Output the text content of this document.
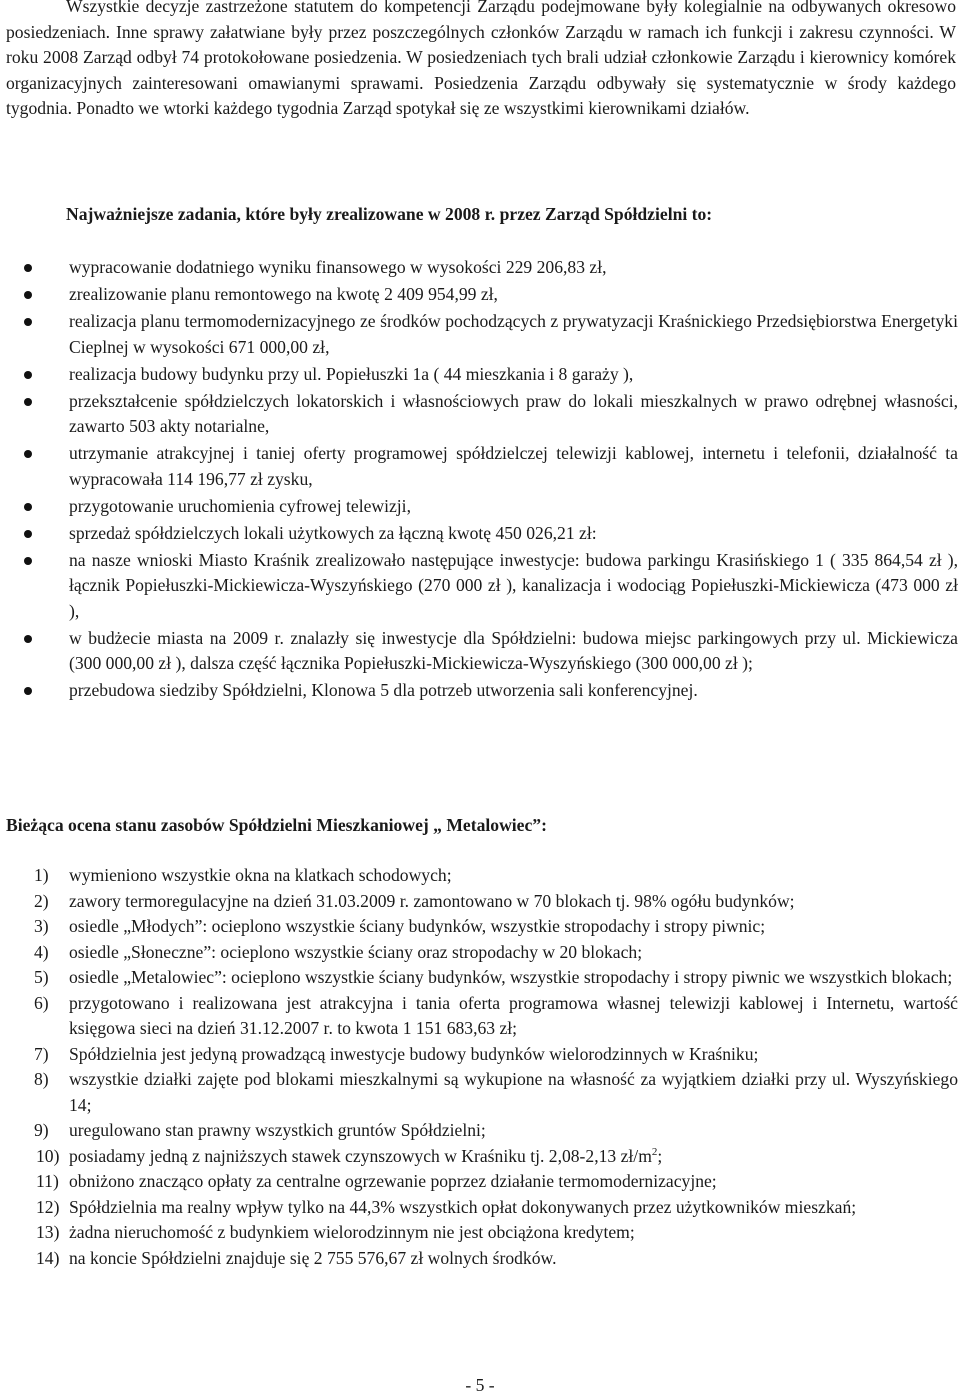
Wszystkie decyzje zastrzeżone statutem do kompetencji Zarządu podejmowane były kolegialnie na odbywanych okresowo posiedzeniach. Inne sprawy załatwiane były przez poszczególnych członków Zarządu w ramach ich funkcji i zakresu czynności. W roku 2008 Zarząd odbył 74 protokołowane posiedzenia. W posiedzeniach tych brali udział członkowie Zarządu i kierownicy komórek organizacyjnych zainteresowani omawianymi sprawami. Posiedzenia Zarządu odbywały się systematycznie w środy każdego tygodnia. Ponadto we wtorki każdego tygodnia Zarząd spotykał się ze wszystkimi kierownikami działów.

Najważniejsze zadania, które były zrealizowane w 2008 r. przez Zarząd Spółdzielni to:
wypracowanie dodatniego wyniku finansowego w wysokości 229 206,83 zł,
zrealizowanie planu remontowego na kwotę 2 409 954,99 zł,
realizacja planu termomodernizacyjnego ze środków pochodzących z prywatyzacji Kraśnickiego Przedsiębiorstwa Energetyki Cieplnej w wysokości 671 000,00 zł,
realizacja budowy budynku przy ul. Popiełuszki 1a ( 44 mieszkania i 8 garaży ),
przekształcenie spółdzielczych lokatorskich i własnościowych praw do lokali mieszkalnych w prawo odrębnej własności, zawarto 503 akty notarialne,
utrzymanie atrakcyjnej i taniej oferty programowej spółdzielczej telewizji kablowej, internetu i telefonii, działalność ta wypracowała 114 196,77 zł zysku,
przygotowanie uruchomienia cyfrowej telewizji,
sprzedaż spółdzielczych lokali użytkowych za łączną kwotę 450 026,21 zł:
na nasze wnioski Miasto Kraśnik zrealizowało następujące inwestycje: budowa parkingu Krasińskiego 1 ( 335 864,54 zł ), łącznik Popiełuszki-Mickiewicza-Wyszyńskiego (270 000 zł ), kanalizacja i wodociąg Popiełuszki-Mickiewicza (473 000 zł ),
w budżecie miasta na 2009 r. znalazły się inwestycje dla Spółdzielni: budowa miejsc parkingowych przy ul. Mickiewicza (300 000,00 zł ), dalsza część łącznika Popiełuszki-Mickiewicza-Wyszyńskiego (300 000,00 zł );
przebudowa siedziby Spółdzielni, Klonowa 5 dla potrzeb utworzenia sali konferencyjnej.
Bieżąca ocena stanu zasobów Spółdzielni Mieszkaniowej „ Metalowiec”:
1) wymieniono wszystkie okna na klatkach schodowych;
2) zawory termoregulacyjne na dzień 31.03.2009 r. zamontowano w 70 blokach tj. 98% ogółu budynków;
3) osiedle „Młodych”: ocieplono wszystkie ściany budynków, wszystkie stropodachy i stropy piwnic;
4) osiedle „Słoneczne”: ocieplono wszystkie ściany oraz stropodachy w 20 blokach;
5) osiedle „Metalowiec”: ocieplono wszystkie ściany budynków, wszystkie stropodachy i stropy piwnic we wszystkich blokach;
6) przygotowano i realizowana jest atrakcyjna i tania oferta programowa własnej telewizji kablowej i Internetu, wartość księgowa sieci na dzień 31.12.2007 r. to kwota 1 151 683,63 zł;
7) Spółdzielnia jest jedyną prowadzącą inwestycje budowy budynków wielorodzinnych w Kraśniku;
8) wszystkie działki zajęte pod blokami mieszkalnymi są wykupione na własność za wyjątkiem działki przy ul. Wyszyńskiego 14;
9) uregulowano stan prawny wszystkich gruntów Spółdzielni;
10) posiadamy jedną z najniższych stawek czynszowych w Kraśniku tj. 2,08-2,13 $zł/m^2$;
11) obniżono znacząco opłaty za centralne ogrzewanie poprzez działanie termomodernizacyjne;
12) Spółdzielnia ma realny wpływ tylko na 44,3% wszystkich opłat dokonywanych przez użytkowników mieszkań;
13) żadna nieruchomość z budynkiem wielorodzinnym nie jest obciążona kredytem;
14) na koncie Spółdzielni znajduje się 2 755 576,67 zł wolnych środków.
- 5 -
